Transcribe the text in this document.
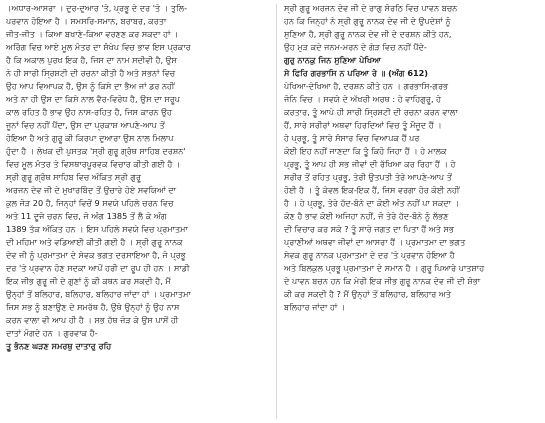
।ਅਧਾਰ-ਆਸਰਾ । ਦੁਰ-ਦੁਆਰ 'ਤੇ, ਪ੍ਰਭੂ ਦੇ ਦਰ 'ਤੇ । ਤੁਲਿ-
ਪਰਵਾਨ ਹੋਇਆ ਹੈ । ਸਮਸਰਿ-ਸਮਾਨ, ਬਰਾਬਰ, ਕਰਤਾ
ਜੀਤ-ਜੀਤ । ਕਿਆ ਬਖਾਣੇ-ਕਿਆ ਵਰਣਣ ਕਰ ਸਕਦਾ ਹਾਂ ।
ਅਰਿੰਗ ਵਿਚ ਆਏ ਮੂਲ ਮੰਤਰ ਦਾ ਸੰਖੇਪ ਵਿਚ ਭਾਵ ਇਸ ਪ੍ਰਕਾਰ
ਹੈ ਕਿ ਅਕਾਲ ਪੁਰਖ ਇਕ ਹੈ, ਜਿਸ ਦਾ ਨਾਮ ਸਦੀਵੀ ਹੈ, ਉਸ
ਨੇ ਹੀ ਸਾਰੀ ਸ੍ਰਿਸ਼ਟੀ ਦੀ ਰਚਨਾ ਕੀਤੀ ਹੈ ਅਤੇ ਸਭਨਾਂ ਵਿਚ
ਉਹ ਆਪ ਵਿਆਪਕ ਹੈ, ਉਸ ਨੂੰ ਕਿਸੇ ਦਾ ਭੈਅ ਜਾਂ ਡਰ ਨਹੀਂ
ਅਤੇ ਨਾ ਹੀ ਉਸ ਦਾ ਕਿਸੇ ਨਾਲ ਵੈਰ-ਵਿਰੋਧ ਹੈ, ਉਸ ਦਾ ਸਰੂਪ
ਕਾਲ ਰਹਿਤ ਹੈ ਭਾਵ ਉਹ ਨਾਸ-ਰਹਿਤ ਹੈ, ਜਿਸ ਕਾਰਨ ਉਹ
ਜੂਨਾਂ ਵਿਚ ਨਹੀਂ ਪੈਂਦਾ, ਉਸ ਦਾ ਪ੍ਰਕਾਸ਼ ਆਪਣੇ-ਆਪ ਤੋਂ
ਹੋਇਆ ਹੈ ਅਤੇ ਗੁਰੂ ਕੀ ਕਿਰਪਾ ਦੁਆਰਾ ਉਸ ਨਾਲ ਮਿਲਾਪ
ਹੁੰਦਾ ਹੈ । ਲੇਖਕ ਦੀ ਪੁਸਤਕ 'ਸ੍ਰੀ ਗੁਰੂ ਗ੍ਰੰਥ ਸਾਹਿਬ ਦਰਸ਼ਨ'
ਵਿਚ ਮੂਲ ਮੰਤਰ ਤੇ ਵਿਸਥਾਰਪੂਰਵਕ ਵਿਚਾਰ ਕੀਤੀ ਗਈ ਹੈ ।
ਸ੍ਰੀ ਗੁਰੂ ਗ੍ਰੰਥ ਸਾਹਿਬ ਵਿਚ ਅੰਕਿਤ ਸ੍ਰੀ ਗੁਰੂ
ਅਰਜਨ ਦੇਵ ਜੀ ਦੇ ਮੁਖਾਰਬਿੰਦ ਤੋਂ ਉਚਾਰੇ ਹੋਏ ਸਵਯਿਆਂ ਦਾ
ਕੁਲ ਜੋੜ 20 ਹੈ, ਜਿਨ੍ਹਾਂ ਵਿਚੋਂ 9 ਸਵਯੇ ਪਹਿਲੇ ਚਰਨ ਵਿਚ
ਅਤੇ 11 ਦੂਜੇ ਚਰਨ ਵਿਚ, ਜੋ ਅੰਗ 1385 ਤੋਂ ਲੈ ਕੇ ਅੰਗ
1389 ਤੱਕ ਅੰਕਿਤ ਹਨ । ਇਸ ਪਹਿਲੇ ਸਵਯੇ ਵਿਚ ਪ੍ਰਮਾਤਮਾ
ਦੀ ਮਹਿਮਾ ਅਤੇ ਵਡਿਆਈ ਕੀਤੀ ਗਈ ਹੈ । ਸ੍ਰੀ ਗੁਰੂ ਨਾਨਕ
ਦੇਵ ਜੀ ਨੂੰ ਪ੍ਰਮਾਤਮਾ ਦੇ ਸੇਵਕ ਭਗਤ ਦਰਸਾਇਆ ਹੈ, ਜੋ ਪ੍ਰਭੂ
ਦਰ 'ਤੇ ਪ੍ਰਵਾਨ ਹੋਣ ਸਦਕਾ ਆਪੋਂ ਹਰੀ ਦਾ ਰੂਪ ਹੀ ਹਨ । ਸਾਡੀ
ਇਕ ਜੀਭ ਗੁਰੂ ਜੀ ਦੇ ਗੁਣਾਂ ਨੂੰ ਕੀ ਕਥਨ ਕਰ ਸਕਦੀ ਹੈ, ਮੈਂ
ਉਨ੍ਹਾਂ ਤੋਂ ਬਲਿਹਾਰ, ਬਲਿਹਾਰ, ਬਲਿਹਾਰ ਜਾਂਦਾ ਹਾਂ । ਪ੍ਰਮਾਤਮਾ
ਜਿਸ ਸਭ ਨੂੰ ਬਣਾਉਣ ਦੇ ਸਮਰੱਥ ਹੈ, ਉਥੇ ਉਨ੍ਹਾਂ ਨੂੰ ਉਹ ਨਾਸ
ਕਰਨ ਵਾਲਾ ਵੀ ਆਪ ਹੀ ਹੈ । ਸਭ ਹੱਥ ਜੋੜ ਕੇ ਉਸ ਪਾਸੋਂ ਹੀ
ਦਾਤਾਂ ਮੰਗਦੇ ਹਨ । ਗੁਰਵਾਕ ਹੈ-
ਤੂ ਭੰਨਣ ਘੜਣ ਸਮਰਥੁ ਦਾਤਾਰੁ ਰਹਿ
ਸ੍ਰੀ ਗੁਰੂ ਅਰਜਨ ਦੇਵ ਜੀ ਦੇ ਰਾਗੁ ਸੋਰਠਿ ਵਿਚ ਪਾਵਨ ਬਚਨ
ਹਨ ਕਿ ਜਿਨ੍ਹਾਂ ਨੇ ਸ੍ਰੀ ਗੁਰੂ ਨਾਨਕ ਦੇਵ ਜੀ ਦੇ ਉਪਦੇਸ਼ਾਂ ਨੂੰ
ਸੁਣਿਆ ਹੈ, ਸ੍ਰੀ ਗੁਰੂ ਨਾਨਕ ਦੇਵ ਜੀ ਦੇ ਦਰਸ਼ਨ ਕੀਤੇ ਹਨ,
ਉਹ ਮੁੜ ਕਦੇ ਜਨਮ-ਮਰਨ ਦੇ ਗੇੜ ਵਿਚ ਨਹੀਂ ਪੈਂਦੇ-
ਗੁਰੁ ਨਾਨਕੁ ਜਿਨ ਸੁਣਿਆ ਪੇਖਿਆ
ਸੇ ਫਿਰਿ ਗਰਭਾਸਿ ਨ ਪਰਿਆ ਰੇ ॥ (ਅੰਗ 612)
ਪੇਖਿਆ-ਦੇਖਿਆ ਹੈ, ਦਰਸ਼ਨ ਕੀਤੇ ਹਨ । ਗਰਭਾਸਿ-ਗਰਭ
ਜੋਨਿ ਵਿਚ । ਸਵਯੇ ਦੇ ਅੱਖਰੀ ਅਰਥ : ਹੇ ਵਾਹਿਗੁਰੂ, ਹੇ
ਕਰਤਾਰ, ਤੂੰ ਆਪੇ ਹੀ ਸਾਰੀ ਸ੍ਰਿਸ਼ਟੀ ਦੀ ਰਚਨਾ ਕਰਨ ਵਾਲਾ
ਹੈਂ, ਸਾਰੇ ਸਰੀਰਾਂ ਅਥਵਾ ਹਿਰਦਿਆਂ ਵਿਚ ਤੂੰ ਮੌਜੂਦ ਹੈਂ ।
ਹੇ ਪ੍ਰਭੂ, ਤੂੰ ਸਾਰੇ ਸੰਸਾਰ ਵਿਚ ਵਿਆਪਕ ਹੈਂ ਪਰ
ਕੋਈ ਇਹ ਨਹੀਂ ਜਾਣਦਾ ਕਿ ਤੂੰ ਕਿਹੋ ਜਿਹਾ ਹੈਂ । ਹੇ ਮਾਲਕ
ਪ੍ਰਭੂ, ਤੂੰ ਆਪ ਹੀ ਸਭ ਜੀਵਾਂ ਦੀ ਰੱਖਿਆ ਕਰ ਰਿਹਾ ਹੈਂ । ਹੇ
ਸਰੀਰ ਤੋਂ ਰਹਿਤ ਪ੍ਰਭੂ, ਤੇਰੀ ਉਤਪਤੀ ਤੇਰੇ ਆਪਣੇ-ਆਪ ਤੋਂ
ਹੋਈ ਹੈ । ਤੂੰ ਕੇਵਲ ਇਕ-ਇਕ ਹੈਂ, ਜਿਸ ਵਰਗਾ ਹੋਰ ਕੋਈ ਨਹੀਂ
ਹੈ । ਹੇ ਪ੍ਰਭੂ, ਤੇਰੇ ਹੱਦ-ਬੰਨੇ ਦਾ ਕੋਈ ਅੰਤ ਨਹੀਂ ਪਾ ਸਕਦਾ ।
ਕੋਣ ਹੈ ਭਾਵ ਕੋਈ ਅਜਿਹਾ ਨਹੀਂ, ਜੋ ਤੇਰੇ ਹੱਦ-ਬੰਨੇ ਨੂੰ ਲੱਭਣ
ਦੀ ਵਿਚਾਰ ਕਰ ਸਕੇ ? ਤੂੰ ਸਾਰੇ ਜਗਤ ਦਾ ਪਿਤਾ ਹੈਂ ਅਤੇ ਸਭ
ਪ੍ਰਾਣੀਆਂ ਅਥਵਾ ਜੀਵਾਂ ਦਾ ਆਸਰਾ ਹੈਂ । ਪ੍ਰਮਾਤਮਾ ਦਾ ਭਗਤ
ਸੇਵਕ ਗੁਰੂ ਨਾਨਕ ਪ੍ਰਮਾਤਮਾ ਦੇ ਦਰ 'ਤੇ ਪ੍ਰਵਾਨ ਹੋਇਆ ਹੈ
ਅਤੇ ਬਿਲਕੁਲ ਪ੍ਰਭੂ ਪ੍ਰਮਾਤਮਾ ਦੇ ਸਮਾਨ ਹੈ । ਗੁਰੂ ਪਿਆਰੇ ਪਾਤਸ਼ਾਹ
ਦੇ ਪਾਵਨ ਬਚਨ ਹਨ ਕਿ ਮੇਰੀ ਇਕ ਜੀਭ ਗੁਰੂ ਨਾਨਕ ਦੇਵ ਜੀ ਦੀ ਸ਼ੋਭਾ
ਕੀ ਕਰ ਸਕਦੀ ਹੈ ? ਮੈਂ ਉਨ੍ਹਾਂ ਤੋਂ ਬਲਿਹਾਰ, ਬਲਿਹਾਰ ਅਤੇ
ਬਲਿਹਾਰ ਜਾਂਦਾ ਹਾਂ ।
